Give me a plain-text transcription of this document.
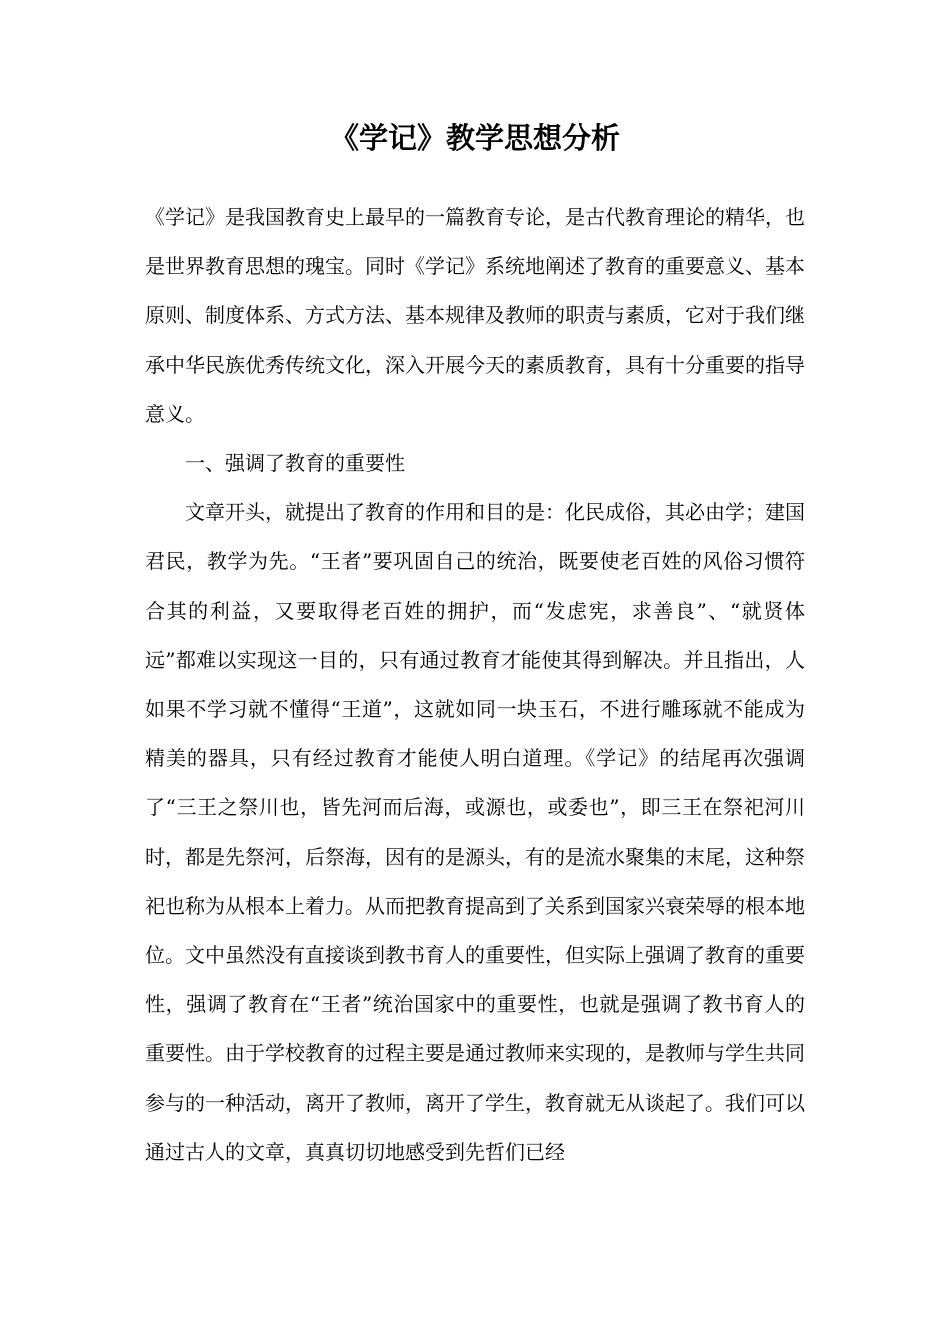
《学记》教学思想分析

《学记》是我国教育史上最早的一篇教育专论，是古代教育理论的精华，也是世界教育思想的瑰宝。同时《学记》系统地阐述了教育的重要意义、基本原则、制度体系、方式方法、基本规律及教师的职责与素质，它对于我们继承中华民族优秀传统文化，深入开展今天的素质教育，具有十分重要的指导意义。

一、强调了教育的重要性

文章开头，就提出了教育的作用和目的是：化民成俗，其必由学；建国君民，教学为先。“王者”要巩固自己的统治，既要使老百姓的风俗习惯符合其的利益，又要取得老百姓的拥护，而“发虑宪，求善良”、“就贤体远”都难以实现这一目的，只有通过教育才能使其得到解决。并且指出，人如果不学习就不懂得“王道”，这就如同一块玉石，不进行雕琢就不能成为精美的器具，只有经过教育才能使人明白道理。《学记》的结尾再次强调了“三王之祭川也，皆先河而后海，或源也，或委也”，即三王在祭祀河川时，都是先祭河，后祭海，因有的是源头，有的是流水聚集的末尾，这种祭祀也称为从根本上着力。从而把教育提高到了关系到国家兴衰荣辱的根本地位。文中虽然没有直接谈到教书育人的重要性，但实际上强调了教育的重要性，强调了教育在“王者”统治国家中的重要性，也就是强调了教书育人的重要性。由于学校教育的过程主要是通过教师来实现的，是教师与学生共同参与的一种活动，离开了教师，离开了学生，教育就无从谈起了。我们可以通过古人的文章，真真切切地感受到先哲们已经
